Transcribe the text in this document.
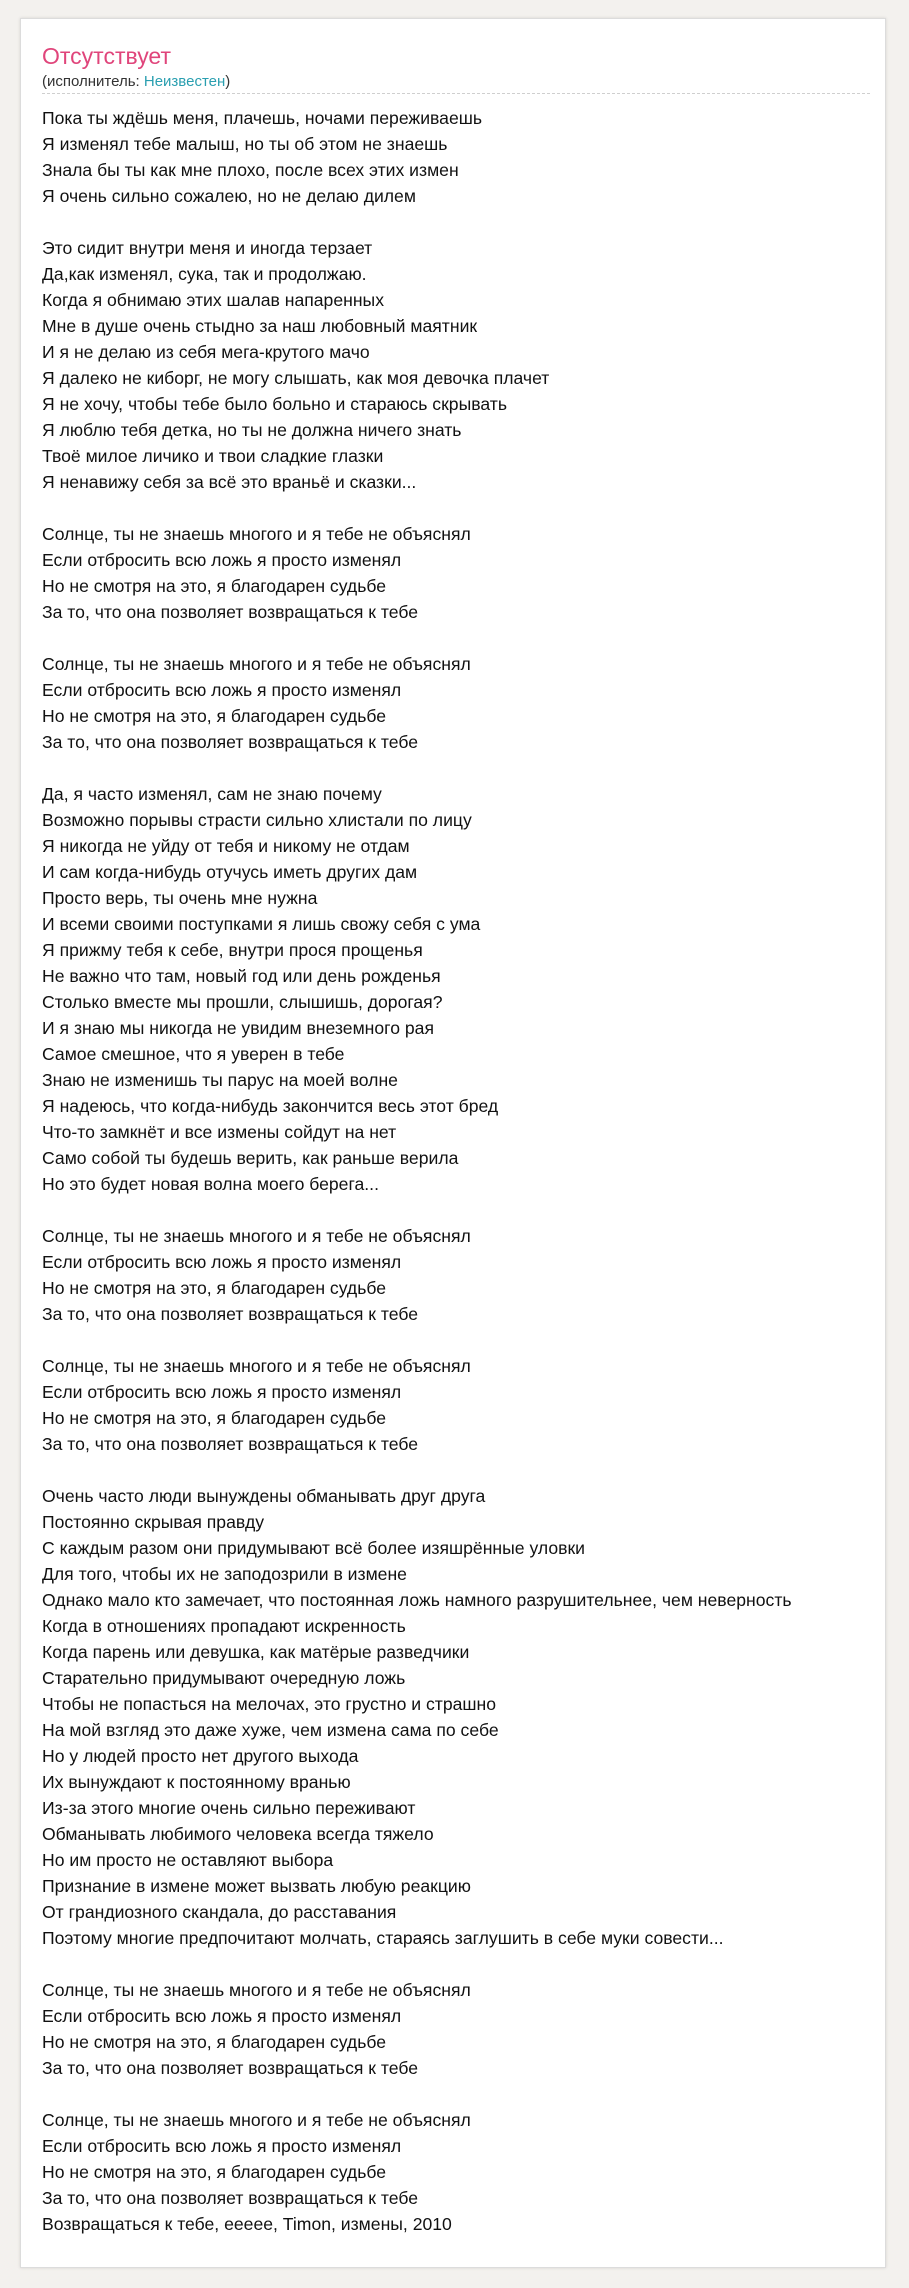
Отсутствует
(исполнитель: Неизвестен)
Пока ты ждёшь меня, плачешь, ночами переживаешь
Я изменял тебе малыш, но ты об этом не знаешь
Знала бы ты как мне плохо, после всех этих измен
Я очень сильно сожалею, но не делаю дилем
Это сидит внутри меня и иногда терзает
Да,как изменял, сука, так и продолжаю.
Когда я обнимаю этих шалав напаренных
Мне в душе очень стыдно за наш любовный маятник
И я не делаю из себя мега-крутого мачо
Я далеко не киборг, не могу слышать, как моя девочка плачет
Я не хочу, чтобы тебе было больно и стараюсь скрывать
Я люблю тебя детка, но ты не должна ничего знать
Твоё милое личико и твои сладкие глазки
Я ненавижу себя за всё это враньё и сказки...
Солнце, ты не знаешь многого и я тебе не объяснял
Если отбросить всю ложь я просто изменял
Но не смотря на это, я благодарен судьбе
За то, что она позволяет возвращаться к тебе
Солнце, ты не знаешь многого и я тебе не объяснял
Если отбросить всю ложь я просто изменял
Но не смотря на это, я благодарен судьбе
За то, что она позволяет возвращаться к тебе
Да, я часто изменял, сам не знаю почему
Возможно порывы страсти сильно хлистали по лицу
Я никогда не уйду от тебя и никому не отдам
И сам когда-нибудь отучусь иметь других дам
Просто верь, ты очень мне нужна
И всеми своими поступками я лишь свожу себя с ума
Я прижму тебя к себе, внутри прося прощенья
Не важно что там, новый год или день рожденья
Столько вместе мы прошли, слышишь, дорогая?
И я знаю мы никогда не увидим внеземного рая
Самое смешное, что я уверен в тебе
Знаю не изменишь ты парус на моей волне
Я надеюсь, что когда-нибудь закончится весь этот бред
Что-то замкнёт и все измены сойдут на нет
Само собой ты будешь верить, как раньше верила
Но это будет новая волна моего берега...
Солнце, ты не знаешь многого и я тебе не объяснял
Если отбросить всю ложь я просто изменял
Но не смотря на это, я благодарен судьбе
За то, что она позволяет возвращаться к тебе
Солнце, ты не знаешь многого и я тебе не объяснял
Если отбросить всю ложь я просто изменял
Но не смотря на это, я благодарен судьбе
За то, что она позволяет возвращаться к тебе
Очень часто люди вынуждены обманывать друг друга
Постоянно скрывая правду
С каждым разом они придумывают всё более изяшрённые уловки
Для того, чтобы их не заподозрили в измене
Однако мало кто замечает, что постоянная ложь намного разрушительнее, чем неверность
Когда в отношениях пропадают искренность
Когда парень или девушка, как матёрые разведчики
Старательно придумывают очередную ложь
Чтобы не попасться на мелочах, это грустно и страшно
На мой взгляд это даже хуже, чем измена сама по себе
Но у людей просто нет другого выхода
Их вынуждают к постоянному вранью
Из-за этого многие очень сильно переживают
Обманывать любимого человека всегда тяжело
Но им просто не оставляют выбора
Признание в измене может вызвать любую реакцию
От грандиозного скандала, до расставания
Поэтому многие предпочитают молчать, стараясь заглушить в себе муки совести...
Солнце, ты не знаешь многого и я тебе не объяснял
Если отбросить всю ложь я просто изменял
Но не смотря на это, я благодарен судьбе
За то, что она позволяет возвращаться к тебе
Солнце, ты не знаешь многого и я тебе не объяснял
Если отбросить всю ложь я просто изменял
Но не смотря на это, я благодарен судьбе
За то, что она позволяет возвращаться к тебе
Возвращаться к тебе, еееее, Timon, измены, 2010
